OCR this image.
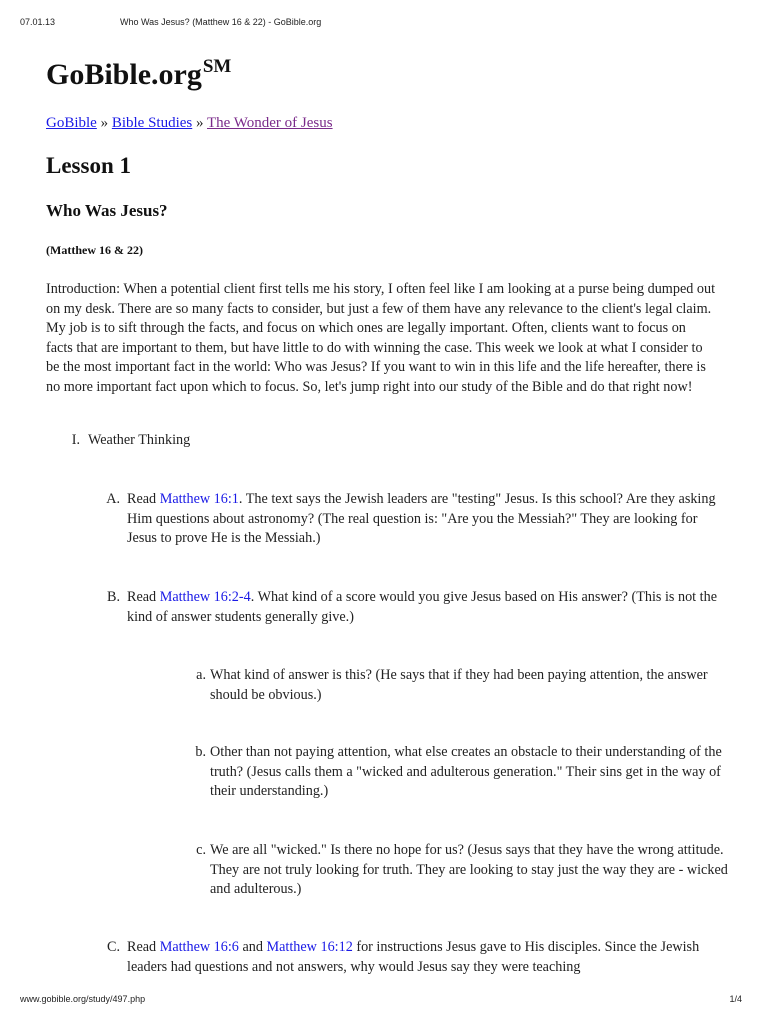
07.01.13	Who Was Jesus? (Matthew 16 & 22) - GoBible.org
GoBible.org℠
GoBible » Bible Studies » The Wonder of Jesus
Lesson 1
Who Was Jesus?
(Matthew 16 & 22)

Introduction: When a potential client first tells me his story, I often feel like I am looking at a purse being dumped out on my desk. There are so many facts to consider, but just a few of them have any relevance to the client's legal claim. My job is to sift through the facts, and focus on which ones are legally important. Often, clients want to focus on facts that are important to them, but have little to do with winning the case. This week we look at what I consider to be the most important fact in the world: Who was Jesus? If you want to win in this life and the life hereafter, there is no more important fact upon which to focus. So, let's jump right into our study of the Bible and do that right now!

I. Weather Thinking
A. Read Matthew 16:1. The text says the Jewish leaders are "testing" Jesus. Is this school? Are they asking Him questions about astronomy? (The real question is: "Are you the Messiah?" They are looking for Jesus to prove He is the Messiah.)
B. Read Matthew 16:2-4. What kind of a score would you give Jesus based on His answer? (This is not the kind of answer students generally give.)
a. What kind of answer is this? (He says that if they had been paying attention, the answer should be obvious.)
b. Other than not paying attention, what else creates an obstacle to their understanding of the truth? (Jesus calls them a "wicked and adulterous generation." Their sins get in the way of their understanding.)
c. We are all "wicked." Is there no hope for us? (Jesus says that they have the wrong attitude. They are not truly looking for truth. They are looking to stay just the way they are - wicked and adulterous.)
C. Read Matthew 16:6 and Matthew 16:12 for instructions Jesus gave to His disciples. Since the Jewish leaders had questions and not answers, why would Jesus say they were teaching
www.gobible.org/study/497.php	1/4
